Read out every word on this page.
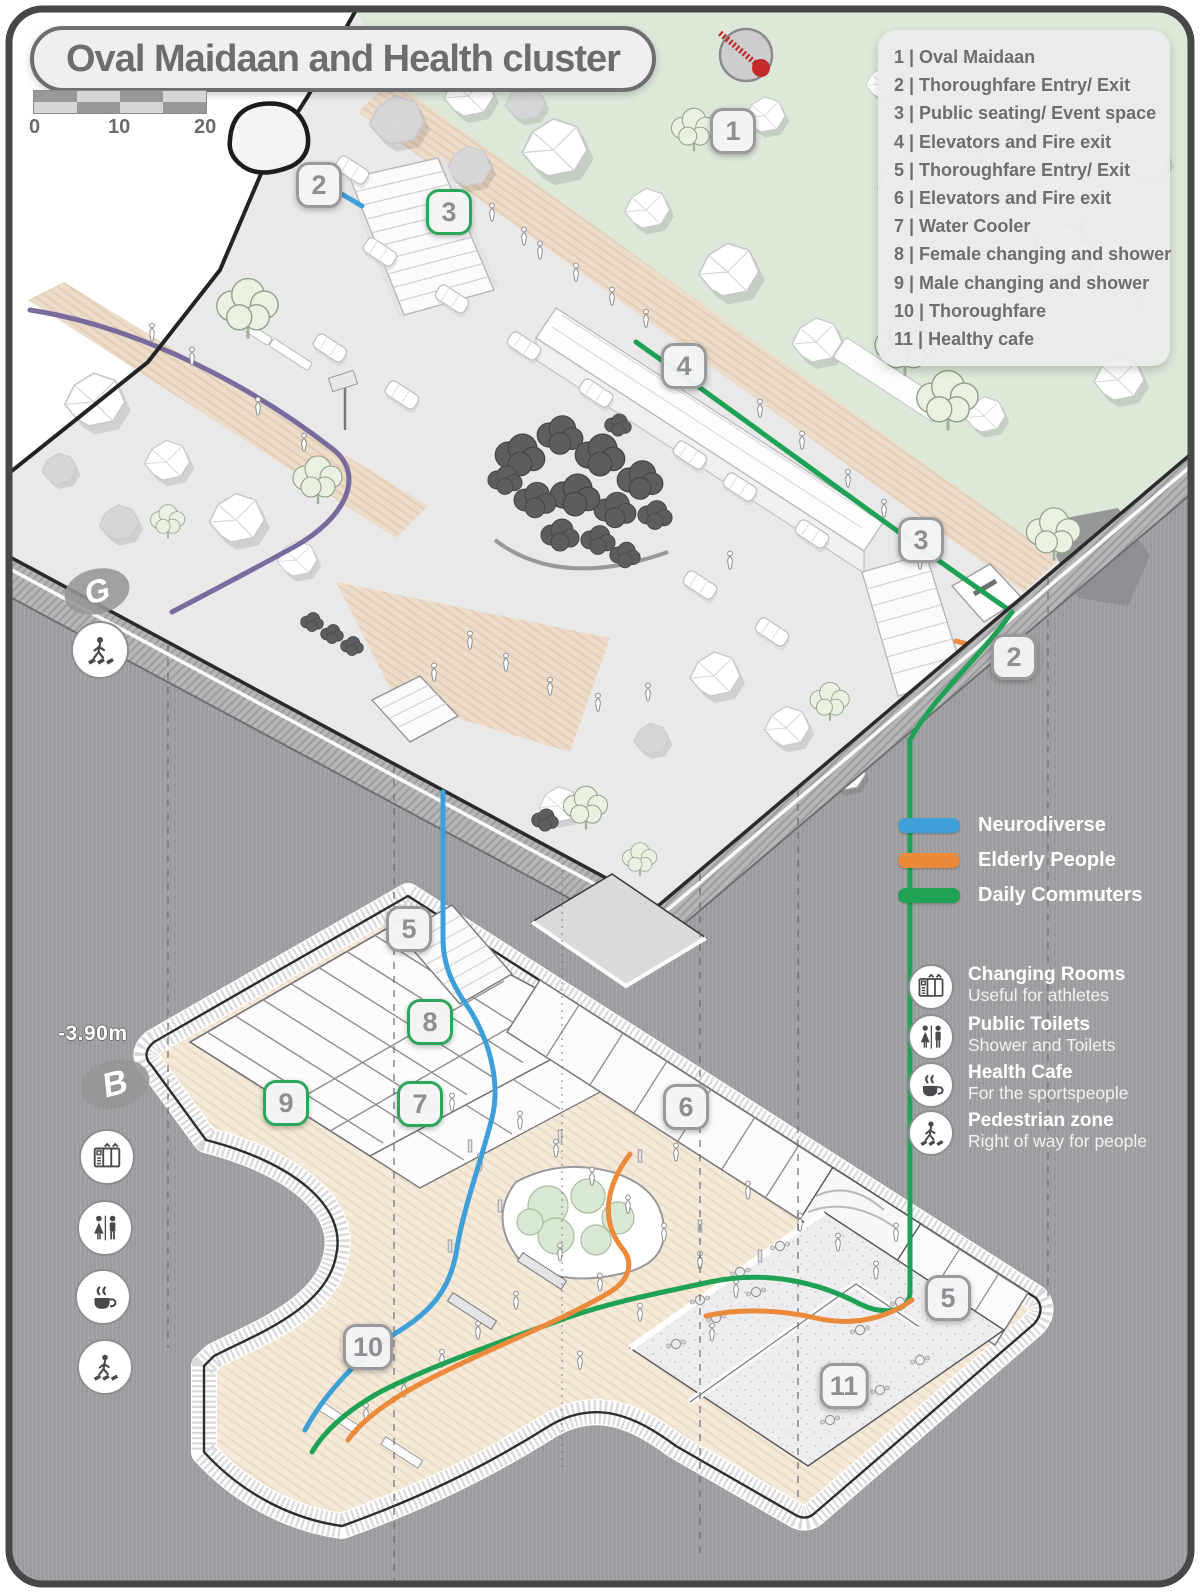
Oval Maidaan and Health cluster
0	10	20
1 | Oval Maidaan
2 | Thoroughfare Entry/ Exit
3 | Public seating/ Event space
4 | Elevators and Fire exit
5 | Thoroughfare Entry/ Exit
6 | Elevators and Fire exit
7 | Water Cooler
8 | Female changing and shower
9 | Male changing and shower
10 | Thoroughfare
11 | Healthy cafe
Neurodiverse
Elderly People
Daily Commuters
Changing Rooms
Useful for athletes
Public Toilets
Shower and Toilets
Health Cafe
For the sportspeople
Pedestrian zone
Right of way for people
G
-3.90m
B
1
2
3
4
3
2
5
8
9	7	6
5
10
11
